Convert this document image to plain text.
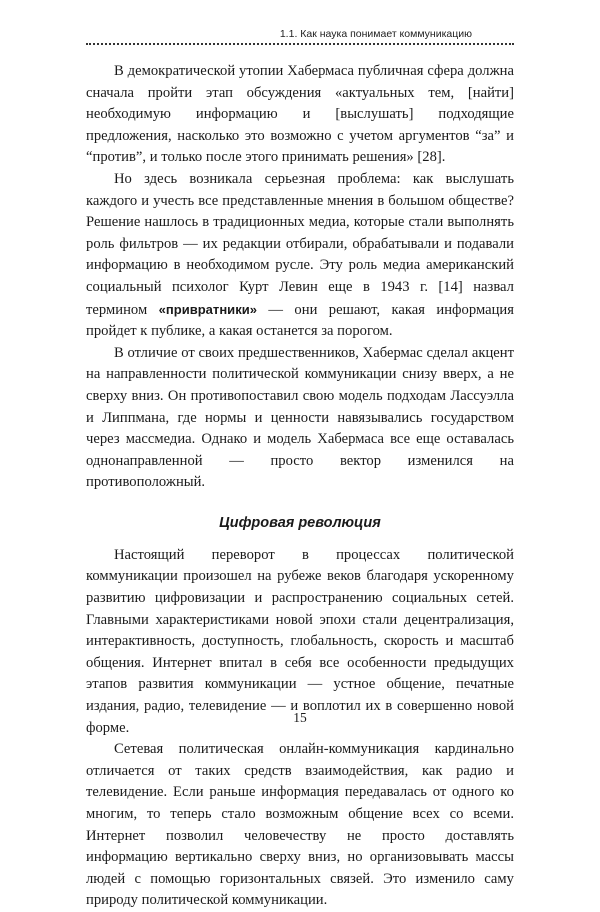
1.1. Как наука понимает коммуникацию

В демократической утопии Хабермаса публичная сфера должна сначала пройти этап обсуждения «актуальных тем, [найти] необходимую информацию и [выслушать] подходящие предложения, насколько это возможно с учетом аргументов “за” и “против”, и только после этого принимать решения» [28].

Но здесь возникала серьезная проблема: как выслушать каждого и учесть все представленные мнения в большом обществе? Решение нашлось в традиционных медиа, которые стали выполнять роль фильтров — их редакции отбирали, обрабатывали и подавали информацию в необходимом русле. Эту роль медиа американский социальный психолог Курт Левин еще в 1943 г. [14] назвал термином «привратники» — они решают, какая информация пройдет к публике, а какая останется за порогом.

В отличие от своих предшественников, Хабермас сделал акцент на направленности политической коммуникации снизу вверх, а не сверху вниз. Он противопоставил свою модель подходам Лассуэлла и Липпмана, где нормы и ценности навязывались государством через массмедиа. Однако и модель Хабермаса все еще оставалась однонаправленной — просто вектор изменился на противоположный.

Цифровая революция

Настоящий переворот в процессах политической коммуникации произошел на рубеже веков благодаря ускоренному развитию цифровизации и распространению социальных сетей. Главными характеристиками новой эпохи стали децентрализация, интерактивность, доступность, глобальность, скорость и масштаб общения. Интернет впитал в себя все особенности предыдущих этапов развития коммуникации — устное общение, печатные издания, радио, телевидение — и воплотил их в совершенно новой форме.

Сетевая политическая онлайн-коммуникация кардинально отличается от таких средств взаимодействия, как радио и телевидение. Если раньше информация передавалась от одного ко многим, то теперь стало возможным общение всех со всеми. Интернет позволил человечеству не просто доставлять информацию вертикально сверху вниз, но организовывать массы людей с помощью горизонтальных связей. Это изменило саму природу политической коммуникации.

15
